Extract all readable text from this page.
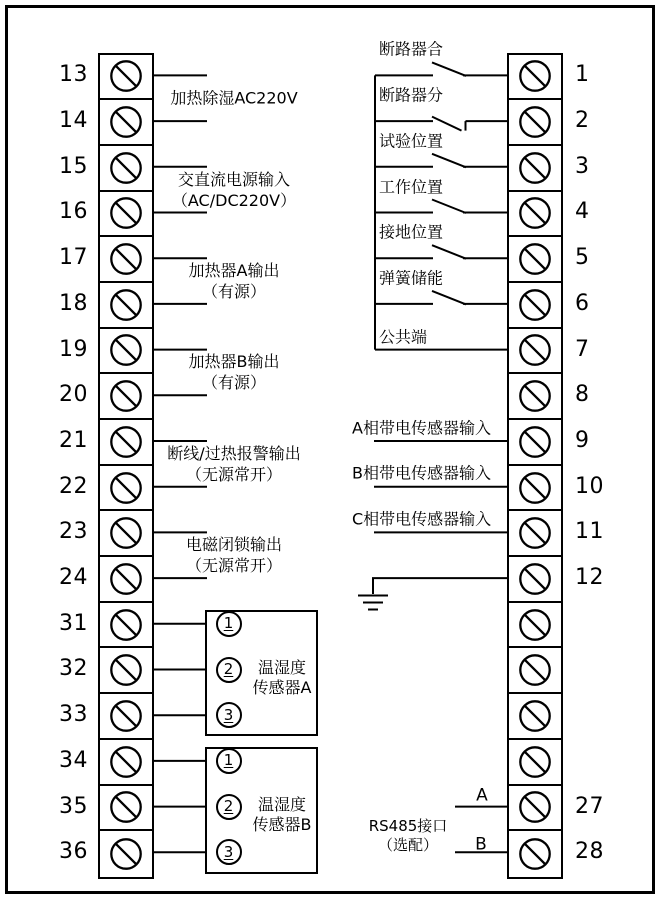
13
14
15
16
17
18
19
20
21
22
23
24
31
32
33
34
35
36
1
2
3
4
5
6
7
8
9
10
11
12
27
28
加热除湿AC220V
交直流电源输入
（AC/DC220V）
加热器A输出
（有源）
加热器B输出
（有源）
断线/过热报警输出
（无源常开）
电磁闭锁输出
（无源常开）
断路器合
断路器分
试验位置
工作位置
接地位置
弹簧储能
公共端
A相带电传感器输入
B相带电传感器输入
C相带电传感器输入
RS485接口
（选配）
A
B
1
2
3
温湿度
传感器A
1
2
3
温湿度
传感器B
